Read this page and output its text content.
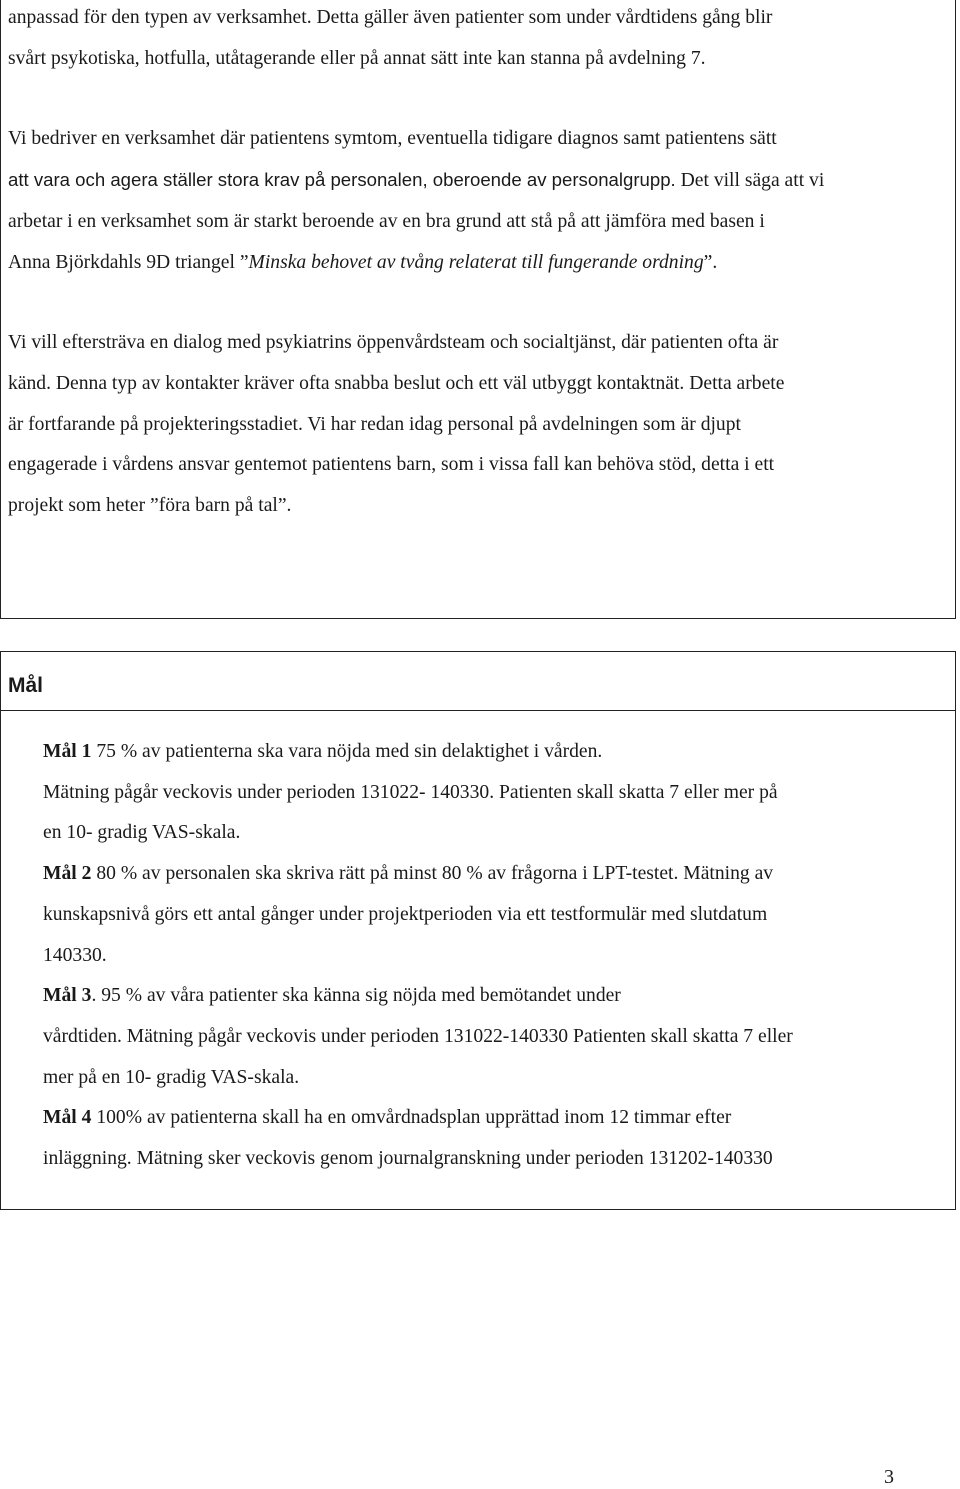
anpassad för den typen av verksamhet. Detta gäller även patienter som under vårdtidens gång blir

svårt psykotiska, hotfulla, utåtagerande eller på annat sätt inte kan stanna på avdelning 7.

Vi bedriver en verksamhet där patientens symtom, eventuella tidigare diagnos samt patientens sätt

att vara och agera ställer stora krav på personalen, oberoende av personalgrupp. Det vill säga att vi

arbetar i en verksamhet som är starkt beroende av en bra grund att stå på att jämföra med basen i

Anna Björkdahls 9D triangel ”Minska behovet av tvång relaterat till fungerande ordning”.

Vi vill eftersträva en dialog med psykiatrins öppenvårdsteam och socialtjänst, där patienten ofta är

känd. Denna typ av kontakter kräver ofta snabba beslut och ett väl utbyggt kontaktnät. Detta arbete

är fortfarande på projekteringsstadiet. Vi har redan idag personal på avdelningen som är djupt

engagerade i vårdens ansvar gentemot patientens barn, som i vissa fall kan behöva stöd, detta i ett

projekt som heter ”föra barn på tal”.

Mål

Mål 1 75 % av patienterna ska vara nöjda med sin delaktighet i vården.

Mätning pågår veckovis under perioden 131022- 140330. Patienten skall skatta 7 eller mer på

en 10- gradig VAS-skala.

Mål 2 80 % av personalen ska skriva rätt på minst 80 % av frågorna i LPT-testet. Mätning av

kunskapsnivå görs ett antal gånger under projektperioden via ett testformulär med slutdatum

140330.

Mål 3. 95 % av våra patienter ska känna sig nöjda med bemötandet under

vårdtiden. Mätning pågår veckovis under perioden 131022-140330 Patienten skall skatta 7 eller

mer på en 10- gradig VAS-skala.

Mål 4 100% av patienterna skall ha en omvårdnadsplan upprättad inom 12 timmar efter

inläggning. Mätning sker veckovis genom journalgranskning under perioden 131202-140330

3
